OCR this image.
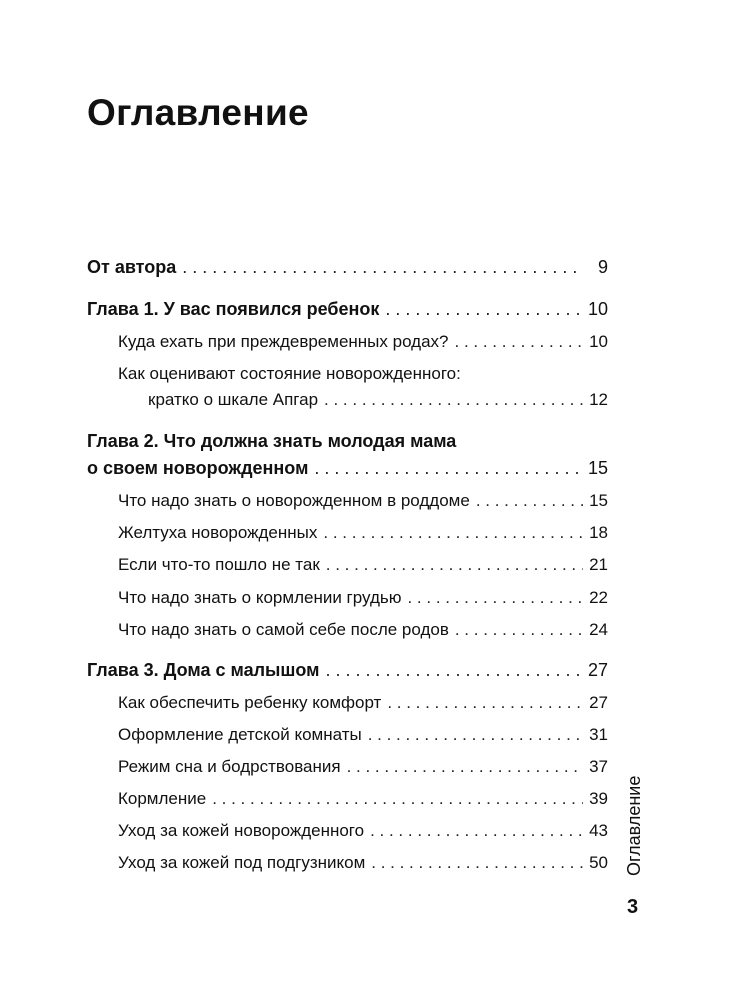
Оглавление
От автора . . .	9
Глава 1. У вас появился ребенок . . .	10
Куда ехать при преждевременных родах? . . .	10
Как оценивают состояние новорожденного:
кратко о шкале Апгар . . .	12
Глава 2. Что должна знать молодая мама
о своем новорожденном . . .	15
Что надо знать о новорожденном в роддоме . . .	15
Желтуха новорожденных . . .	18
Если что-то пошло не так . . .	21
Что надо знать о кормлении грудью . . .	22
Что надо знать о самой себе после родов . . .	24
Глава 3. Дома с малышом . . .	27
Как обеспечить ребенку комфорт . . .	27
Оформление детской комнаты . . .	31
Режим сна и бодрствования . . .	37
Кормление . . .	39
Уход за кожей новорожденного . . .	43
Уход за кожей под подгузником . . .	50 Оглавление
3
